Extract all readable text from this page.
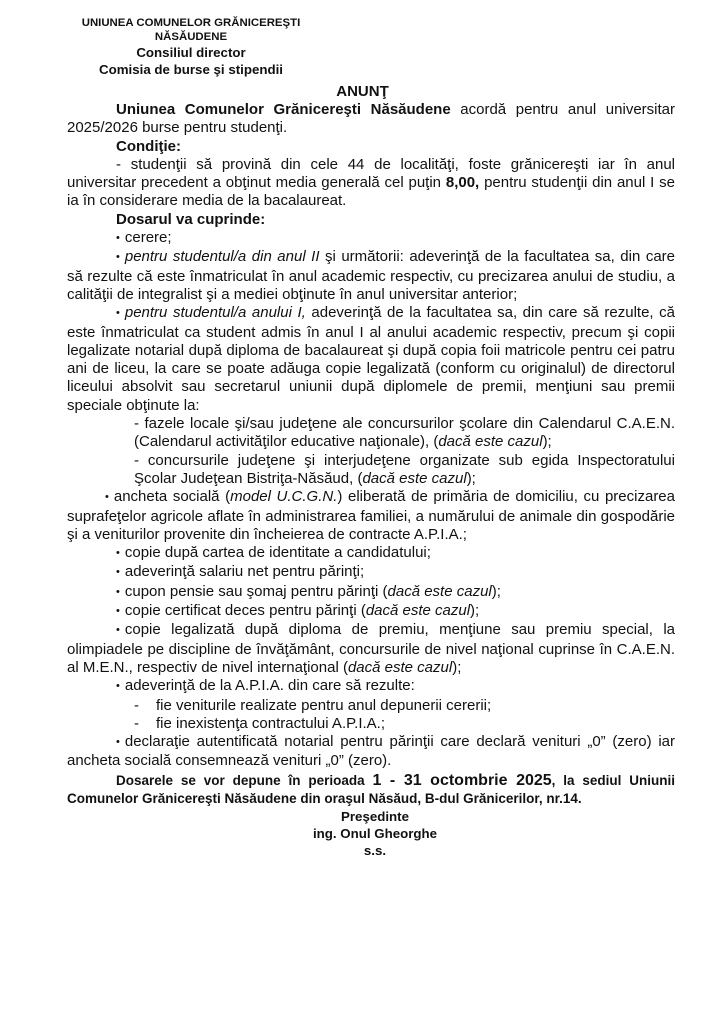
UNIUNEA COMUNELOR GRĂNICEREŞTI
NĂSĂUDENE
Consiliul director
Comisia de burse şi stipendii
ANUNŢ

Uniunea Comunelor Grănicereşti Năsăudene acordă pentru anul universitar 2025/2026 burse pentru studenţi.

Condiţie:

- studenţii să provină din cele 44 de localităţi, foste grănicereşti iar în anul universitar precedent a obţinut media generală cel puţin 8,00, pentru studenţii din anul I se ia în considerare media de la bacalaureat.

Dosarul va cuprinde:

• cerere;

• pentru studentul/a din anul II şi următorii: adeverinţă de la facultatea sa, din care să rezulte că este înmatriculat în anul academic respectiv, cu precizarea anului de studiu, a calităţii de integralist şi a mediei obţinute în anul universitar anterior;

• pentru studentul/a anului I, adeverinţă de la facultatea sa, din care să rezulte, că este înmatriculat ca student admis în anul I al anului academic respectiv, precum şi copii legalizate notarial după diploma de bacalaureat şi după copia foii matricole pentru cei patru ani de liceu, la care se poate adăuga copie legalizată (conform cu originalul) de directorul liceului absolvit sau secretarul uniunii după diplomele de premii, menţiuni sau premii speciale obţinute la:

- fazele locale şi/sau judeţene ale concursurilor şcolare din Calendarul C.A.E.N. (Calendarul activităţilor educative naţionale), (dacă este cazul);

- concursurile judeţene şi interjudeţene organizate sub egida Inspectoratului Şcolar Judeţean Bistriţa-Năsăud, (dacă este cazul);

• ancheta socială (model U.C.G.N.) eliberată de primăria de domiciliu, cu precizarea suprafeţelor agricole aflate în administrarea familiei, a numărului de animale din gospodărie şi a veniturilor provenite din încheierea de contracte A.P.I.A.;

• copie după cartea de identitate a candidatului;

• adeverinţă salariu net pentru părinţi;

• cupon pensie sau şomaj pentru părinţi (dacă este cazul);

• copie certificat deces pentru părinţi (dacă este cazul);

• copie legalizată după diploma de premiu, menţiune sau premiu special, la olimpiadele pe discipline de învăţământ, concursurile de nivel naţional cuprinse în C.A.E.N. al M.E.N., respectiv de nivel internaţional (dacă este cazul);

• adeverinţă de la A.P.I.A. din care să rezulte:

- fie veniturile realizate pentru anul depunerii cererii;

- fie inexistenţa contractului A.P.I.A.;

• declaraţie autentificată notarial pentru părinţii care declară venituri „0” (zero) iar ancheta socială consemnează venituri „0” (zero).

Dosarele se vor depune în perioada 1 - 31 octombrie 2025, la sediul Uniunii Comunelor Grănicereşti Năsăudene din oraşul Năsăud, B-dul Grănicerilor, nr.14.

Preşedinte
ing. Onul Gheorghe
s.s.
